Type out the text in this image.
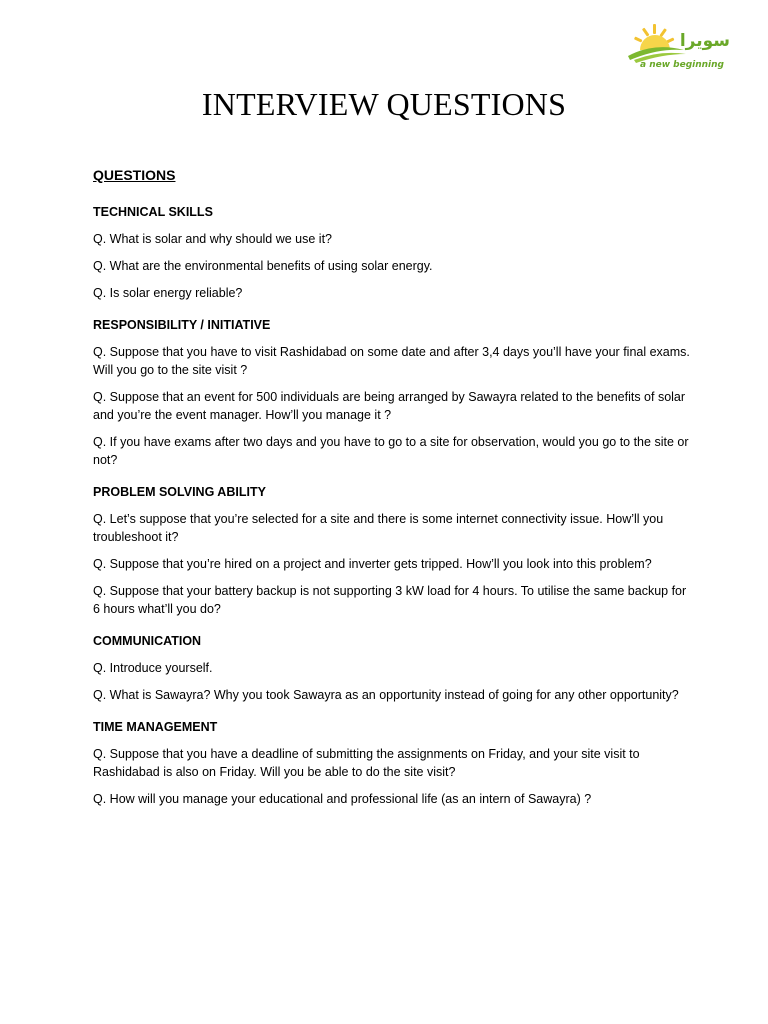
سویرا
a new beginning
INTERVIEW QUESTIONS
QUESTIONS
TECHNICAL SKILLS
Q. What is solar and why should we use it?
Q. What are the environmental benefits of using solar energy.
Q. Is solar energy reliable?
RESPONSIBILITY / INITIATIVE
Q. Suppose that you have to visit Rashidabad on some date and after 3,4 days you’ll have your final exams. Will you go to the site visit ?
Q. Suppose that an event for 500 individuals are being arranged by Sawayra related to the benefits of solar and you’re the event manager. How’ll you manage it ?
Q. If you have exams after two days and you have to go to a site for observation, would you go to the site or not?
PROBLEM SOLVING ABILITY
Q. Let’s suppose that you’re selected for a site and there is some internet connectivity issue. How’ll you troubleshoot it?
Q. Suppose that you’re hired on a project and inverter gets tripped. How’ll you look into this problem?
Q. Suppose that your battery backup is not supporting 3 kW load for 4 hours. To utilise the same backup for 6 hours what’ll you do?
COMMUNICATION
Q. Introduce yourself.
Q. What is Sawayra? Why you took Sawayra as an opportunity instead of going for any other opportunity?
TIME MANAGEMENT
Q. Suppose that you have a deadline of submitting the assignments on Friday, and your site visit to Rashidabad is also on Friday. Will you be able to do the site visit?
Q. How will you manage your educational and professional life (as an intern of Sawayra) ?
